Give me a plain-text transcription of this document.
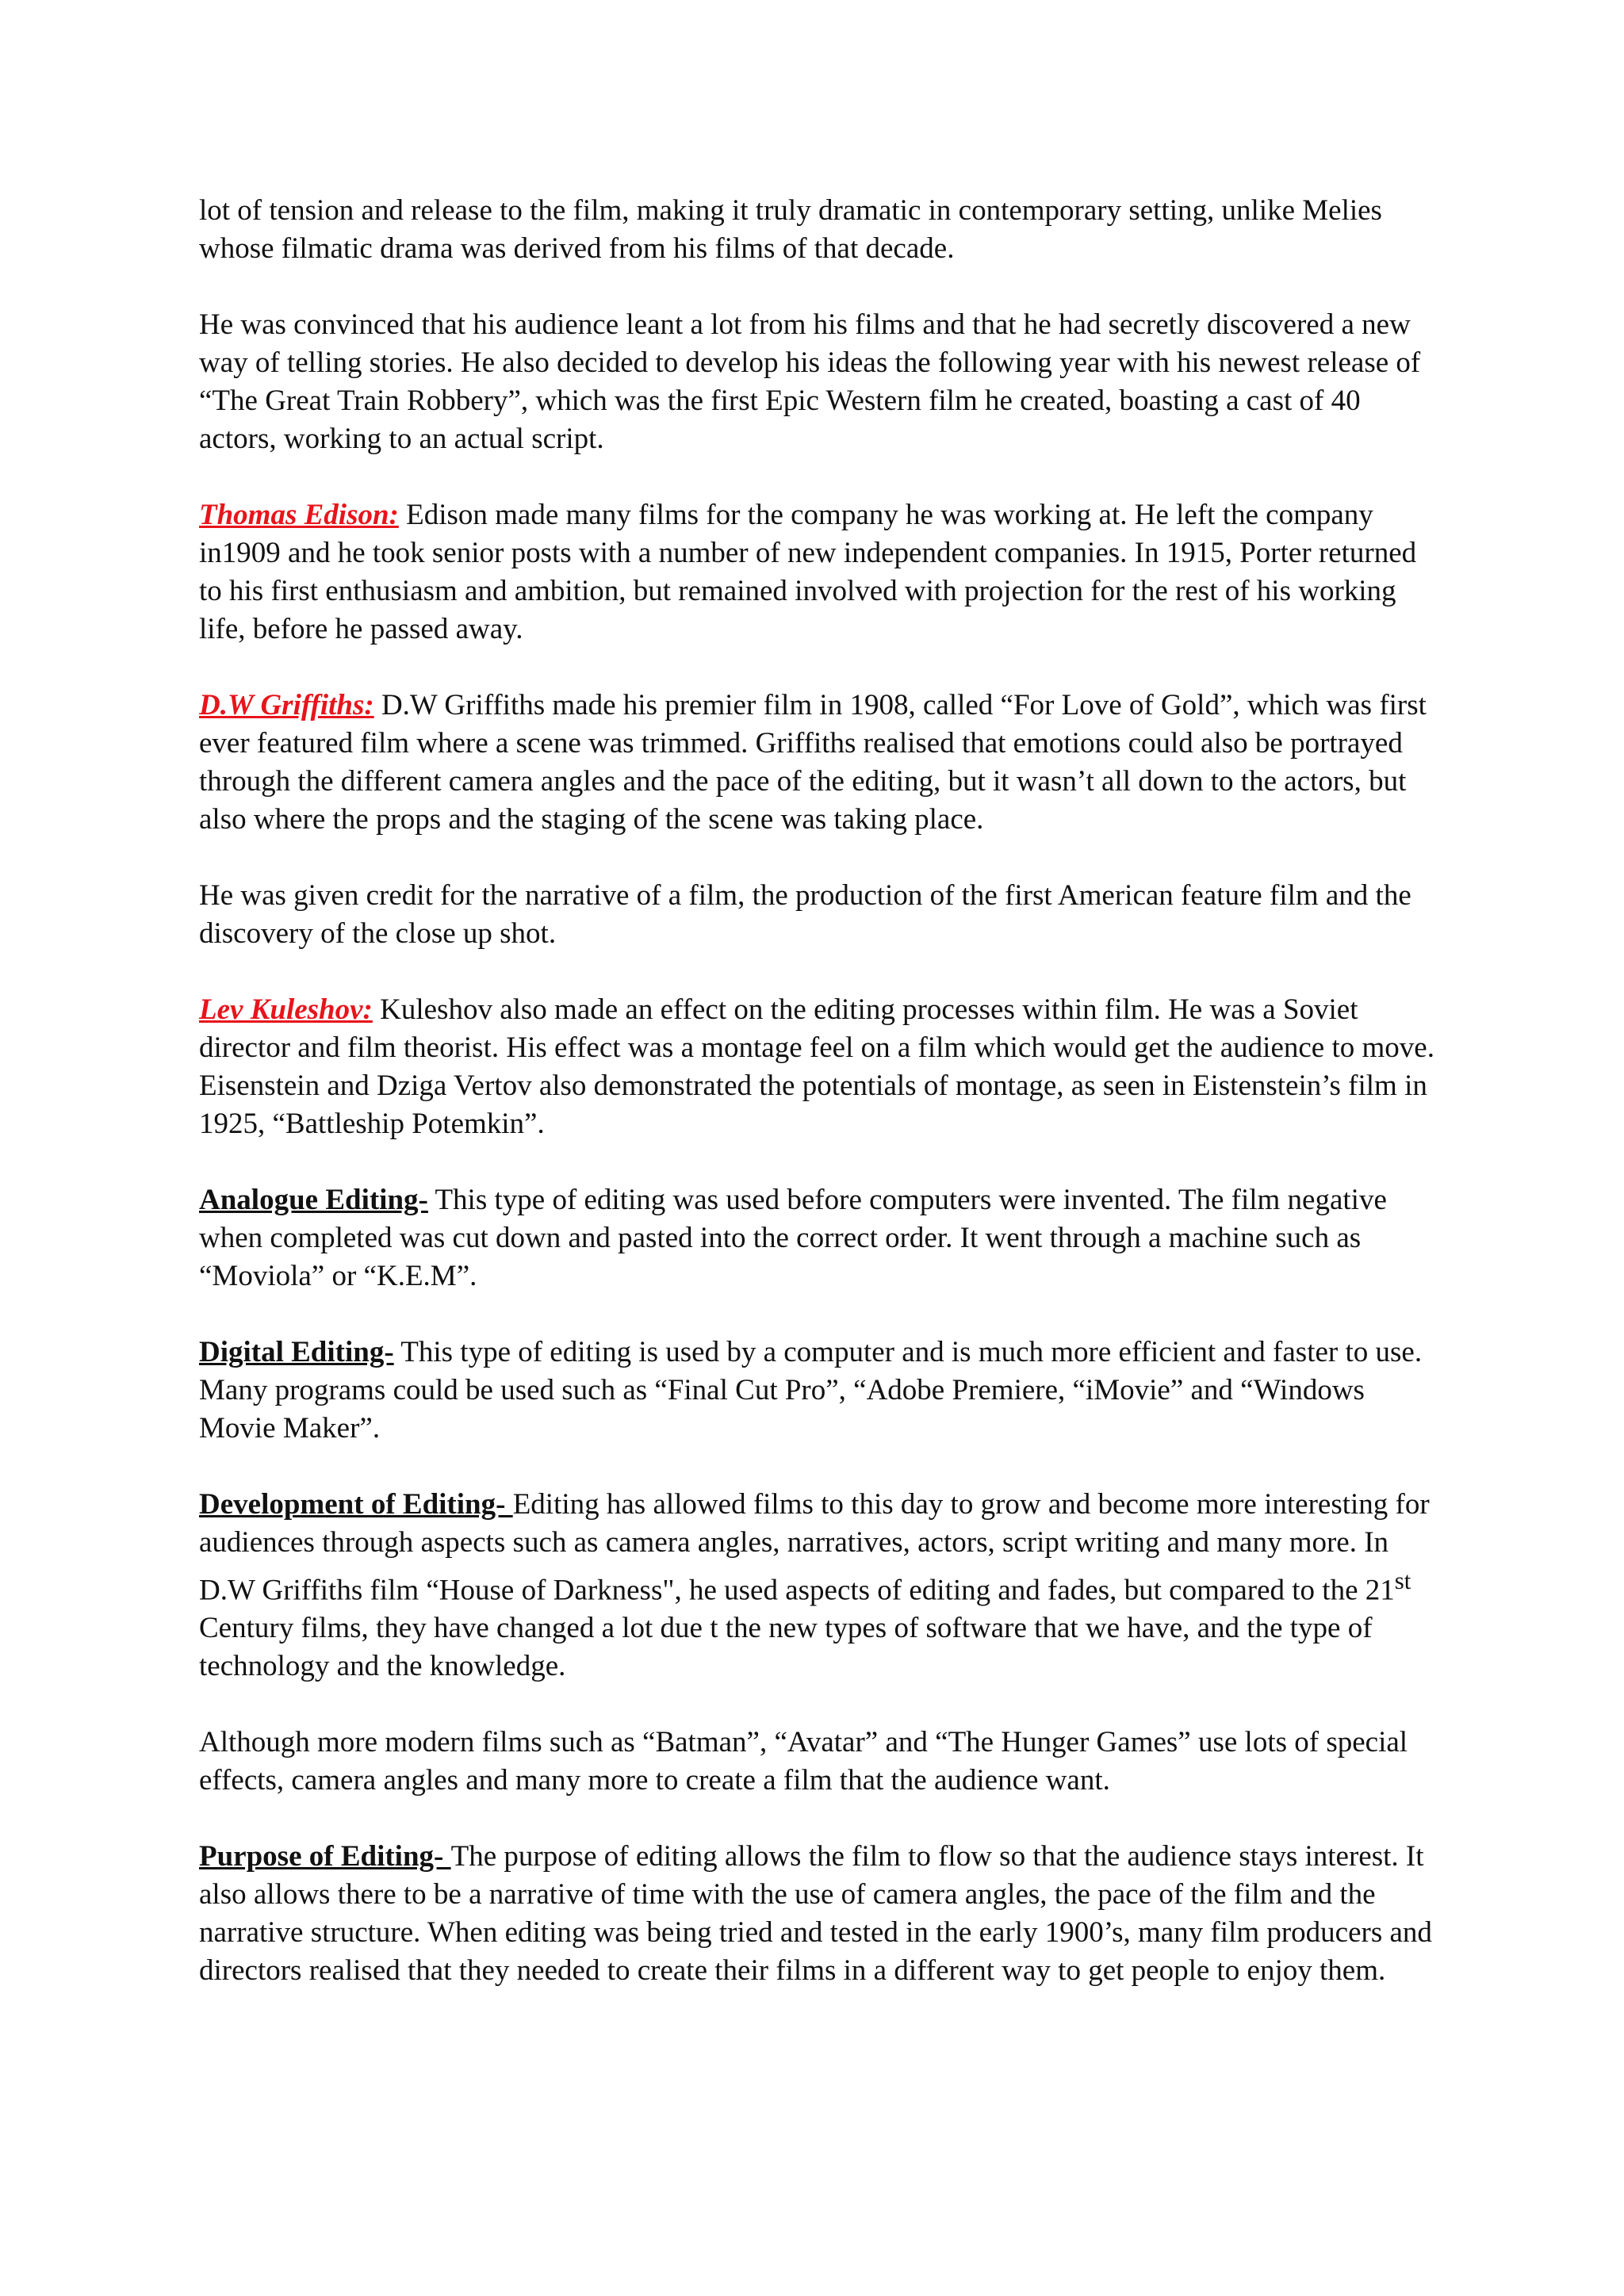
lot of tension and release to the film, making it truly dramatic in contemporary setting, unlike Melies whose filmatic drama was derived from his films of that decade.

He was convinced that his audience leant a lot from his films and that he had secretly discovered a new way of telling stories. He also decided to develop his ideas the following year with his newest release of “The Great Train Robbery”, which was the first Epic Western film he created, boasting a cast of 40 actors, working to an actual script.

Thomas Edison: Edison made many films for the company he was working at. He left the company in1909 and he took senior posts with a number of new independent companies. In 1915, Porter returned to his first enthusiasm and ambition, but remained involved with projection for the rest of his working life, before he passed away.

D.W Griffiths: D.W Griffiths made his premier film in 1908, called “For Love of Gold”, which was first ever featured film where a scene was trimmed. Griffiths realised that emotions could also be portrayed through the different camera angles and the pace of the editing, but it wasn’t all down to the actors, but also where the props and the staging of the scene was taking place.

He was given credit for the narrative of a film, the production of the first American feature film and the discovery of the close up shot.

Lev Kuleshov: Kuleshov also made an effect on the editing processes within film. He was a Soviet director and film theorist. His effect was a montage feel on a film which would get the audience to move. Eisenstein and Dziga Vertov also demonstrated the potentials of montage, as seen in Eistenstein’s film in 1925, “Battleship Potemkin”.

Analogue Editing- This type of editing was used before computers were invented. The film negative when completed was cut down and pasted into the correct order. It went through a machine such as “Moviola” or “K.E.M”.

Digital Editing- This type of editing is used by a computer and is much more efficient and faster to use. Many programs could be used such as “Final Cut Pro”, “Adobe Premiere, “iMovie” and “Windows Movie Maker”.

Development of Editing- Editing has allowed films to this day to grow and become more interesting for audiences through aspects such as camera angles, narratives, actors, script writing and many more. In D.W Griffiths film “House of Darkness", he used aspects of editing and fades, but compared to the 21st Century films, they have changed a lot due t the new types of software that we have, and the type of technology and the knowledge.

Although more modern films such as “Batman”, “Avatar” and “The Hunger Games” use lots of special effects, camera angles and many more to create a film that the audience want.

Purpose of Editing- The purpose of editing allows the film to flow so that the audience stays interest. It also allows there to be a narrative of time with the use of camera angles, the pace of the film and the narrative structure. When editing was being tried and tested in the early 1900’s, many film producers and directors realised that they needed to create their films in a different way to get people to enjoy them.
